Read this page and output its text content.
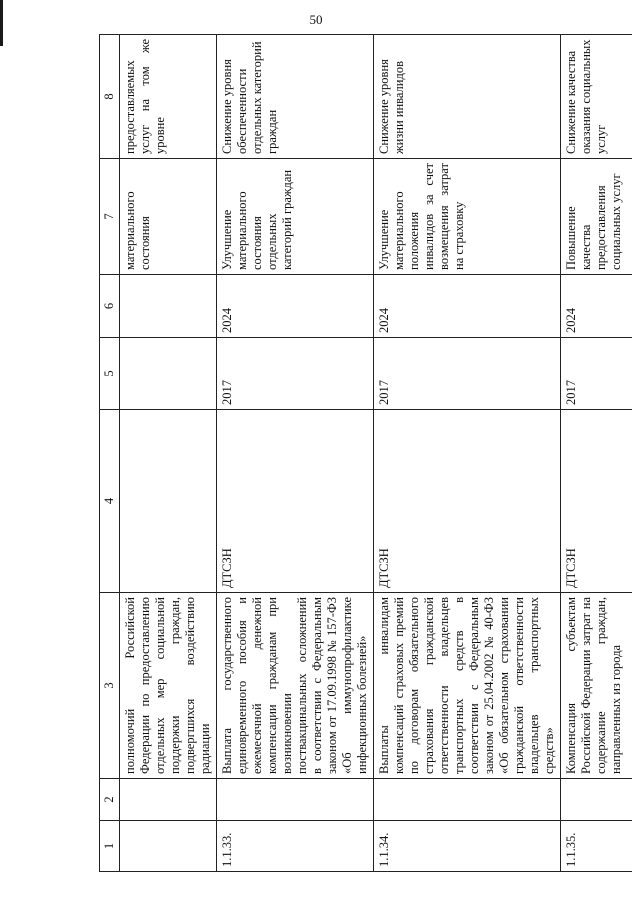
50
1	2	3	4	5	6	7	8
		полномочий Российской Федерации по предоставлению отдельных мер социальной поддержки граждан, подвергшихся воздействию радиации				материального состояния	предоставляемых услуг на том же уровне
1.1.33.		Выплата государственного единовременного пособия и ежемесячной денежной компенсации гражданам при возникновении поствакцинальных осложнений в соответствии с Федеральным законом от 17.09.1998 № 157-ФЗ «Об иммунопрофилактике инфекционных болезней»	ДТСЗН	2017	2024	Улучшение материального состояния отдельных категорий граждан	Снижение уровня обеспеченности отдельных категорий граждан
1.1.34.		Выплаты инвалидам компенсаций страховых премий по договорам обязательного страхования гражданской ответственности владельцев транспортных средств в соответствии с Федеральным законом от 25.04.2002 № 40-ФЗ «Об обязательном страховании гражданской ответственности владельцев транспортных средств»	ДТСЗН	2017	2024	Улучшение материального положения инвалидов за счет возмещения затрат на страховку	Снижение уровня жизни инвалидов
1.1.35.		Компенсация субъектам Российской Федерации затрат на содержание граждан, направленных из города	ДТСЗН	2017	2024	Повышение качества предоставления социальных услуг	Снижение качества оказания социальных услуг
